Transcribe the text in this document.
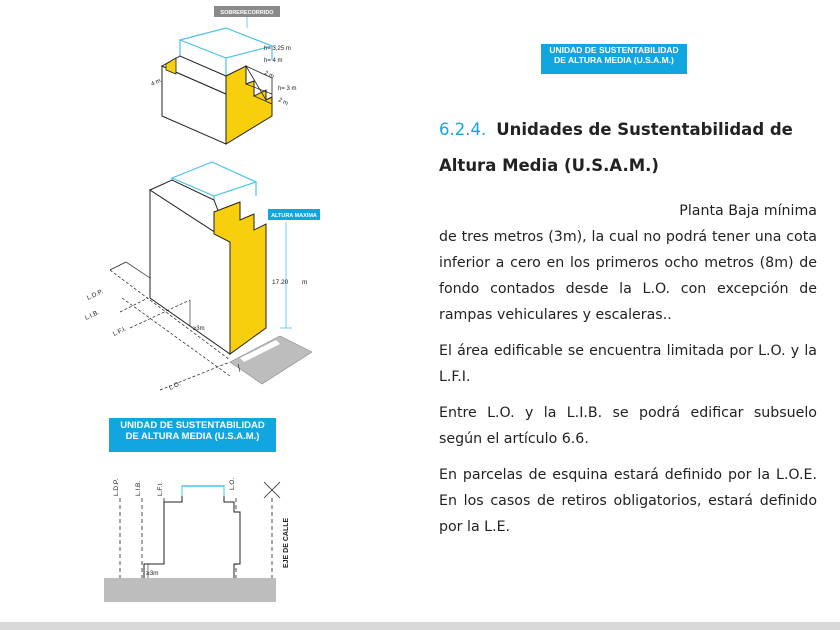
SOBRERECORRIDO
h= 3,25 m
h= 4 m
2 m
h= 3 m
2 m
4 m
ALTURA MAXIMA
17.20 m
≥3m
L.D.P.
L.I.B.
L.F.I.
L.O.
UNIDAD DE SUSTENTABILIDAD
DE ALTURA MEDIA (U.S.A.M.)
UNIDAD DE SUSTENTABILIDAD
DE ALTURA MEDIA (U.S.A.M.)
≥3m
L.D.P. L.I.B. L.F.I.	L.O.
EJE DE CALLE

6.2.4. Unidades de Sustentabilidad de Altura Media (U.S.A.M.)

Planta Baja mínima
de tres metros (3m), la cual no podrá tener una cota inferior a cero en los primeros ocho metros (8m) de fondo contados desde la L.O. con excepción de rampas vehiculares y escaleras..

El área edificable se encuentra limitada por L.O. y la L.F.I.

Entre L.O. y la L.I.B. se podrá edificar subsuelo según el artículo 6.6.

En parcelas de esquina estará definido por la L.O.E. En los casos de retiros obligatorios, estará definido por la L.E.
